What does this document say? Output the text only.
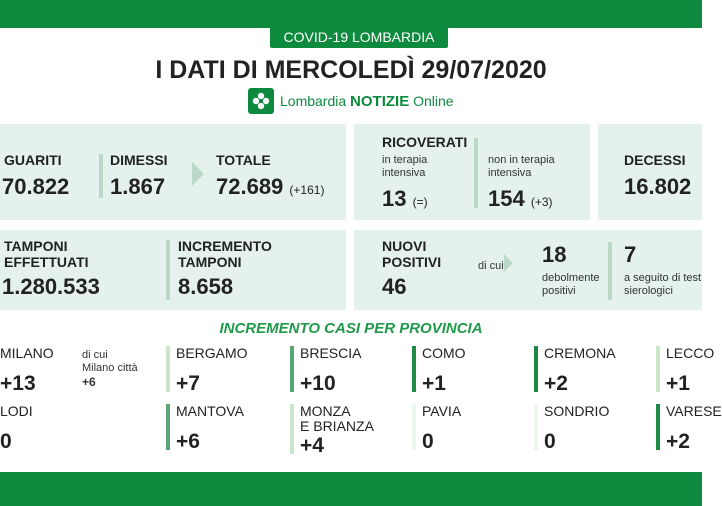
COVID-19 LOMBARDIA
I DATI DI MERCOLEDÌ 29/07/2020
Lombardia NOTIZIE Online
GUARITI
70.822
DIMESSI
1.867
TOTALE
72.689 (+161)
RICOVERATI
in terapia
intensiva
13 (=)
non in terapia
intensiva
154 (+3)
DECESSI
16.802
TAMPONI
EFFETTUATI
1.280.533
INCREMENTO
TAMPONI
8.658
NUOVI
POSITIVI
46
di cui 18
debolmente
positivi
7
a seguito di test
sierologici
INCREMENTO CASI PER PROVINCIA
MILANO
+13
di cui
Milano città
+6
BERGAMO
+7
BRESCIA
+10
COMO
+1
CREMONA
+2
LECCO
+1
LODI
0
MANTOVA
+6
MONZA
E BRIANZA
+4
PAVIA
0
SONDRIO
0
VARESE
+2
